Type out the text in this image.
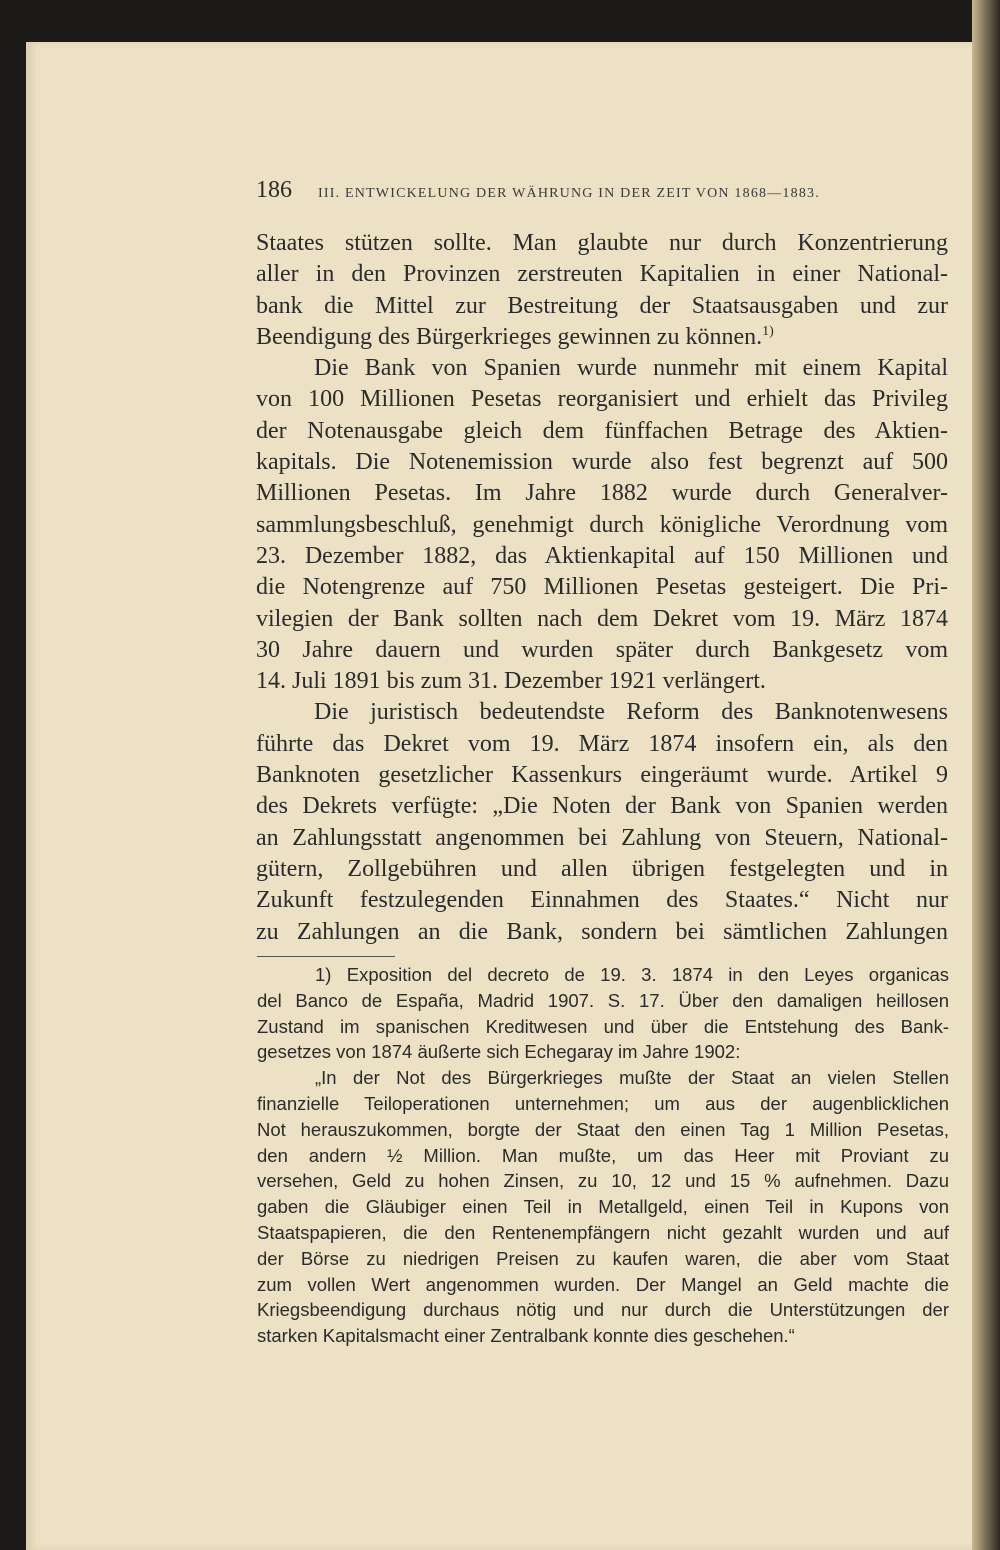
186 III. ENTWICKELUNG DER WÄHRUNG IN DER ZEIT VON 1868—1883.
Staates stützen sollte. Man glaubte nur durch Konzentrierung
aller in den Provinzen zerstreuten Kapitalien in einer National-
bank die Mittel zur Bestreitung der Staatsausgaben und zur
Beendigung des Bürgerkrieges gewinnen zu können.$^{1)}$
Die Bank von Spanien wurde nunmehr mit einem Kapital
von 100 Millionen Pesetas reorganisiert und erhielt das Privileg
der Notenausgabe gleich dem fünffachen Betrage des Aktien-
kapitals. Die Notenemission wurde also fest begrenzt auf 500
Millionen Pesetas. Im Jahre 1882 wurde durch Generalver-
sammlungsbeschluß, genehmigt durch königliche Verordnung vom
23. Dezember 1882, das Aktienkapital auf 150 Millionen und
die Notengrenze auf 750 Millionen Pesetas gesteigert. Die Pri-
vilegien der Bank sollten nach dem Dekret vom 19. März 1874
30 Jahre dauern und wurden später durch Bankgesetz vom
14. Juli 1891 bis zum 31. Dezember 1921 verlängert.
Die juristisch bedeutendste Reform des Banknotenwesens
führte das Dekret vom 19. März 1874 insofern ein, als den
Banknoten gesetzlicher Kassenkurs eingeräumt wurde. Artikel 9
des Dekrets verfügte: „Die Noten der Bank von Spanien werden
an Zahlungsstatt angenommen bei Zahlung von Steuern, National-
gütern, Zollgebühren und allen übrigen festgelegten und in
Zukunft festzulegenden Einnahmen des Staates.“ Nicht nur
zu Zahlungen an die Bank, sondern bei sämtlichen Zahlungen
1) Exposition del decreto de 19. 3. 1874 in den Leyes organicas
del Banco de España, Madrid 1907. S. 17. Über den damaligen heillosen
Zustand im spanischen Kreditwesen und über die Entstehung des Bank-
gesetzes von 1874 äußerte sich Echegaray im Jahre 1902:
„In der Not des Bürgerkrieges mußte der Staat an vielen Stellen
finanzielle Teiloperationen unternehmen; um aus der augenblicklichen
Not herauszukommen, borgte der Staat den einen Tag 1 Million Pesetas,
den andern ½ Million. Man mußte, um das Heer mit Proviant zu
versehen, Geld zu hohen Zinsen, zu 10, 12 und 15 % aufnehmen. Dazu
gaben die Gläubiger einen Teil in Metallgeld, einen Teil in Kupons von
Staatspapieren, die den Rentenempfängern nicht gezahlt wurden und auf
der Börse zu niedrigen Preisen zu kaufen waren, die aber vom Staat
zum vollen Wert angenommen wurden. Der Mangel an Geld machte die
Kriegsbeendigung durchaus nötig und nur durch die Unterstützungen der
starken Kapitalsmacht einer Zentralbank konnte dies geschehen.“
